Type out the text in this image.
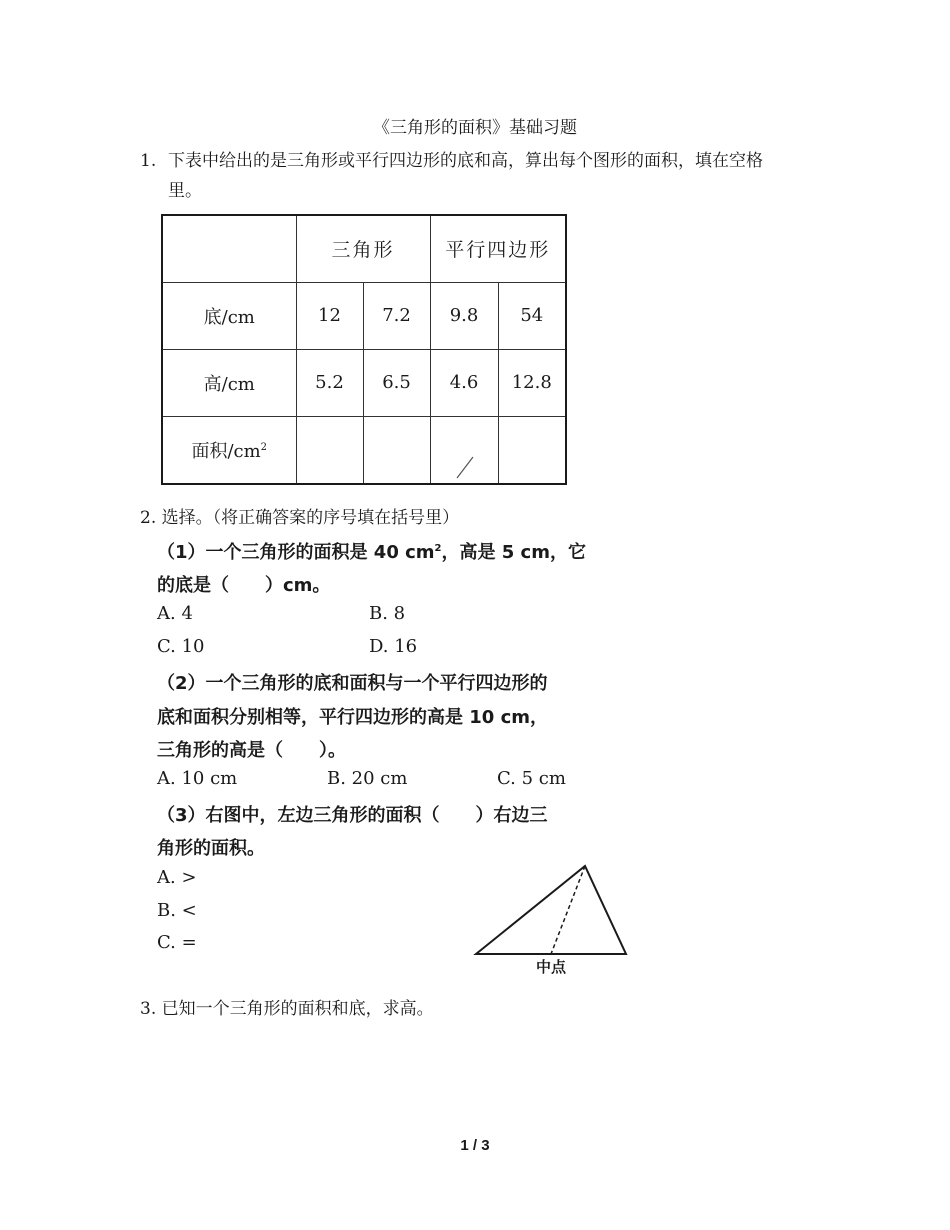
《三角形的面积》基础习题
1. 下表中给出的是三角形或平行四边形的底和高，算出每个图形的面积，填在空格
里。
	三角形		平行四边形	
底/cm	12	7.2	9.8	54
高/cm	5.2	6.5	4.6	12.8
面积$/cm^2$				
2. 选择。（将正确答案的序号填在括号里）
（1）一个三角形的面积是 40 $cm^2$，高是 5 cm，它
的底是（　　）cm。
A. 4	B. 8
C. 10	D. 16
（2）一个三角形的底和面积与一个平行四边形的
底和面积分别相等，平行四边形的高是 10 cm，
三角形的高是（　　）。
A. 10 cm	B. 20 cm	C. 5 cm
（3）右图中，左边三角形的面积（　　）右边三
角形的面积。
A. >
B. <
C. =
中点
3. 已知一个三角形的面积和底，求高。
1 / 3
